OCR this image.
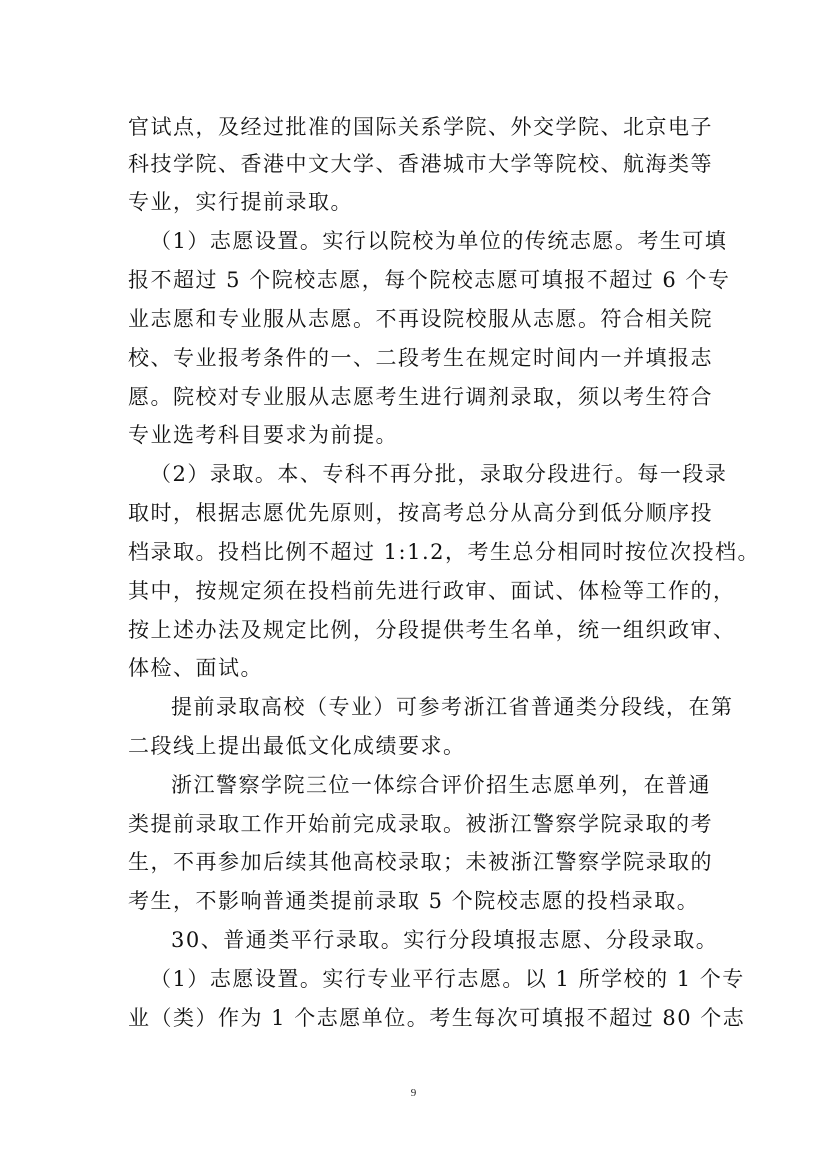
官试点，及经过批准的国际关系学院、外交学院、北京电子
科技学院、香港中文大学、香港城市大学等院校、航海类等
专业，实行提前录取。
（1）志愿设置。实行以院校为单位的传统志愿。考生可填
报不超过 5 个院校志愿，每个院校志愿可填报不超过 6 个专
业志愿和专业服从志愿。不再设院校服从志愿。符合相关院
校、专业报考条件的一、二段考生在规定时间内一并填报志
愿。院校对专业服从志愿考生进行调剂录取，须以考生符合
专业选考科目要求为前提。
（2）录取。本、专科不再分批，录取分段进行。每一段录
取时，根据志愿优先原则，按高考总分从高分到低分顺序投
档录取。投档比例不超过 1:1.2，考生总分相同时按位次投档。
其中，按规定须在投档前先进行政审、面试、体检等工作的，
按上述办法及规定比例，分段提供考生名单，统一组织政审、
体检、面试。
提前录取高校（专业）可参考浙江省普通类分段线，在第
二段线上提出最低文化成绩要求。
浙江警察学院三位一体综合评价招生志愿单列，在普通
类提前录取工作开始前完成录取。被浙江警察学院录取的考
生，不再参加后续其他高校录取；未被浙江警察学院录取的
考生，不影响普通类提前录取 5 个院校志愿的投档录取。
30、普通类平行录取。实行分段填报志愿、分段录取。
（1）志愿设置。实行专业平行志愿。以 1 所学校的 1 个专
业（类）作为 1 个志愿单位。考生每次可填报不超过 80 个志
9
